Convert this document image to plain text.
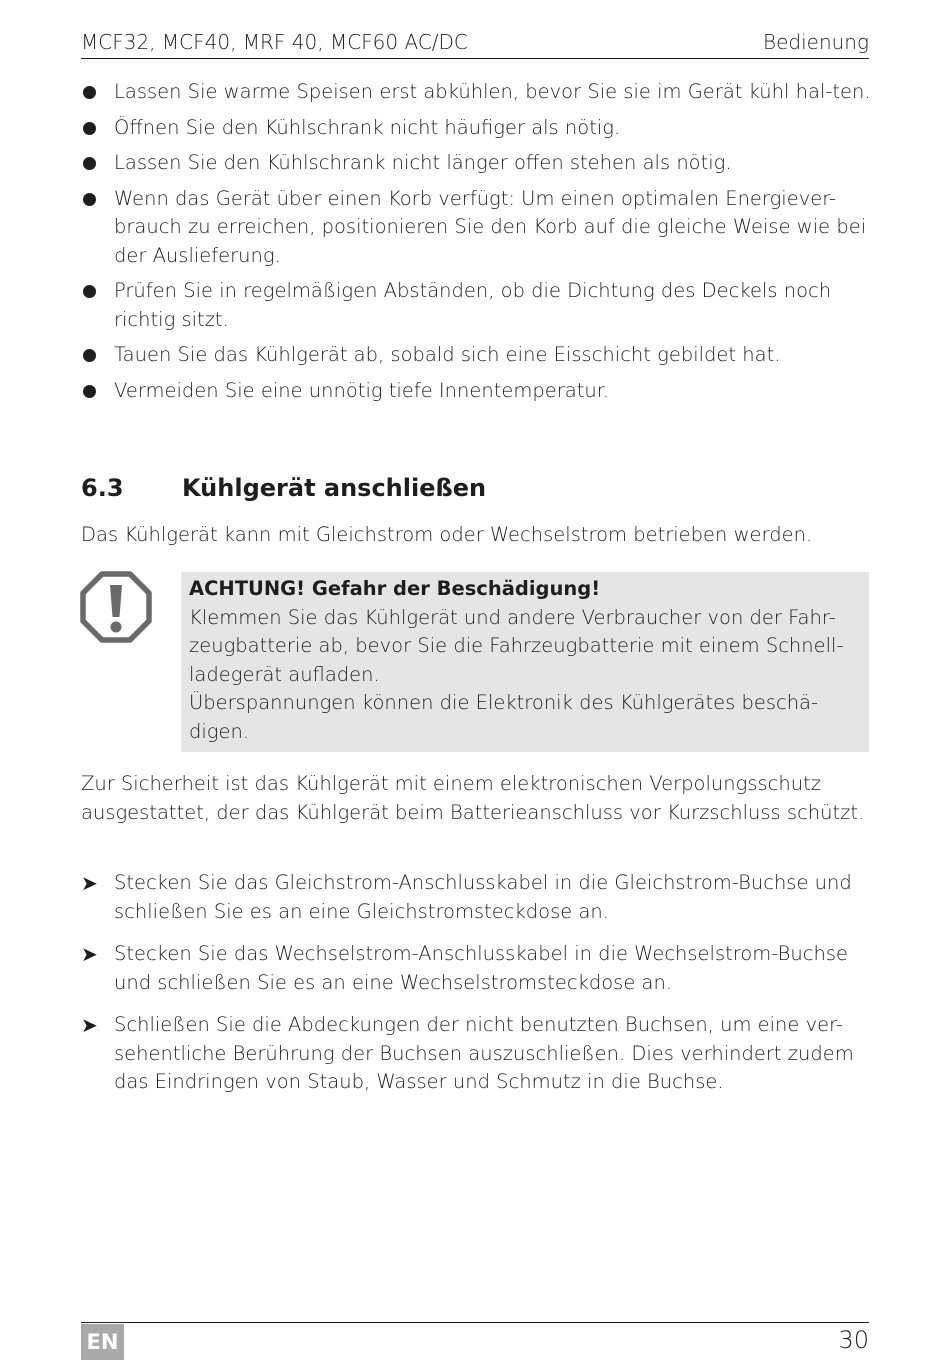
MCF32, MCF40, MRF 40, MCF60 AC/DC	Bedienung
Lassen Sie warme Speisen erst abkühlen, bevor Sie sie im Gerät kühl hal-ten.
Öffnen Sie den Kühlschrank nicht häufiger als nötig.
Lassen Sie den Kühlschrank nicht länger offen stehen als nötig.
Wenn das Gerät über einen Korb verfügt: Um einen optimalen Energiever-brauch zu erreichen, positionieren Sie den Korb auf die gleiche Weise wie bei der Auslieferung.
Prüfen Sie in regelmäßigen Abständen, ob die Dichtung des Deckels noch richtig sitzt.
Tauen Sie das Kühlgerät ab, sobald sich eine Eisschicht gebildet hat.
Vermeiden Sie eine unnötig tiefe Innentemperatur.
6.3 Kühlgerät anschließen
Das Kühlgerät kann mit Gleichstrom oder Wechselstrom betrieben werden.
ACHTUNG! Gefahr der Beschädigung!
Klemmen Sie das Kühlgerät und andere Verbraucher von der Fahr-zeugbatterie ab, bevor Sie die Fahrzeugbatterie mit einem Schnell-ladegerät aufladen.
Überspannungen können die Elektronik des Kühlgerätes beschä-digen.
Zur Sicherheit ist das Kühlgerät mit einem elektronischen Verpolungsschutz ausgestattet, der das Kühlgerät beim Batterieanschluss vor Kurzschluss schützt.
➤ Stecken Sie das Gleichstrom-Anschlusskabel in die Gleichstrom-Buchse und schließen Sie es an eine Gleichstromsteckdose an.
➤ Stecken Sie das Wechselstrom-Anschlusskabel in die Wechselstrom-Buchse und schließen Sie es an eine Wechselstromsteckdose an.
➤ Schließen Sie die Abdeckungen der nicht benutzten Buchsen, um eine ver-sehentliche Berührung der Buchsen auszuschließen. Dies verhindert zudem das Eindringen von Staub, Wasser und Schmutz in die Buchse.
EN	30
